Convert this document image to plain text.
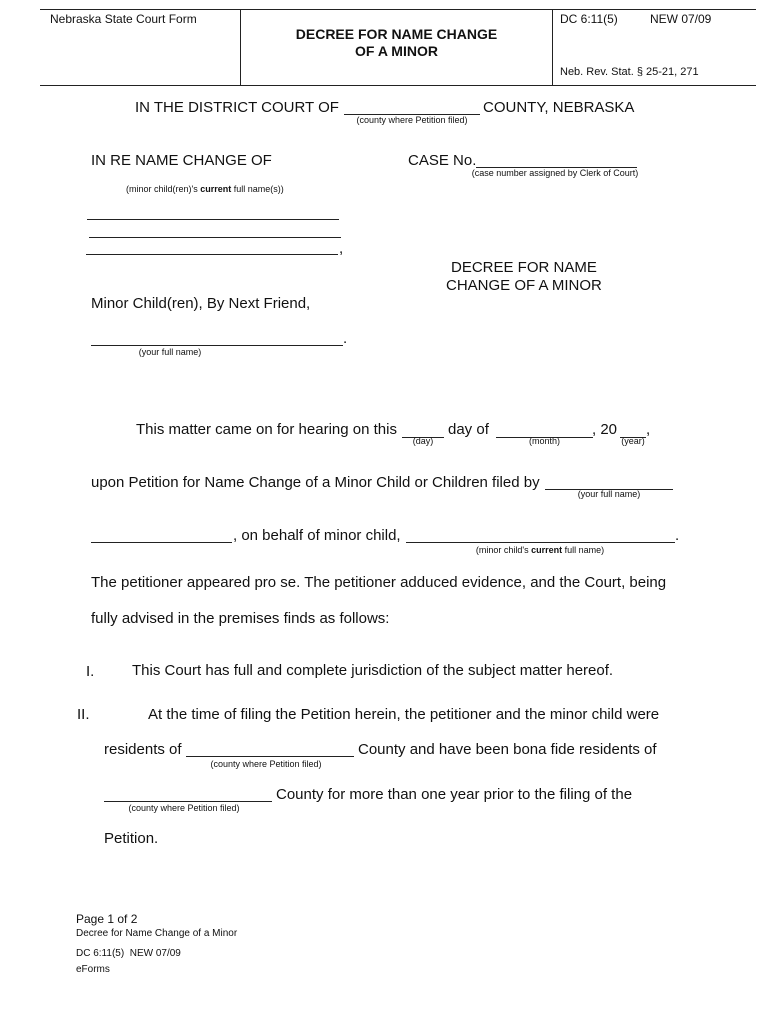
Nebraska State Court Form
DECREE FOR NAME CHANGE
OF A MINOR
DC 6:11(5)	NEW 07/09
Neb. Rev. Stat. § 25-21, 271
IN THE DISTRICT COURT OF
(county where Petition filed)
COUNTY, NEBRASKA
IN RE NAME CHANGE OF	CASE No.
(case number assigned by Clerk of Court)
(minor child(ren)'s current full name(s))
,
DECREE FOR NAME
CHANGE OF A MINOR
Minor Child(ren), By Next Friend,
.
(your full name)
This matter came on for hearing on this
(day)
day of
(month)
, 20
(year)
,
upon Petition for Name Change of a Minor Child or Children filed by
(your full name)
, on behalf of minor child,	.
(minor child's current full name)
The petitioner appeared pro se. The petitioner adduced evidence, and the Court, being
fully advised in the premises finds as follows:
I.	This Court has full and complete jurisdiction of the subject matter hereof.
II.	At the time of filing the Petition herein, the petitioner and the minor child were
residents of
(county where Petition filed)
County and have been bona fide residents of
(county where Petition filed)
County for more than one year prior to the filing of the
Petition.
Page 1 of 2
Decree for Name Change of a Minor
DC 6:11(5)  NEW 07/09
eForms
